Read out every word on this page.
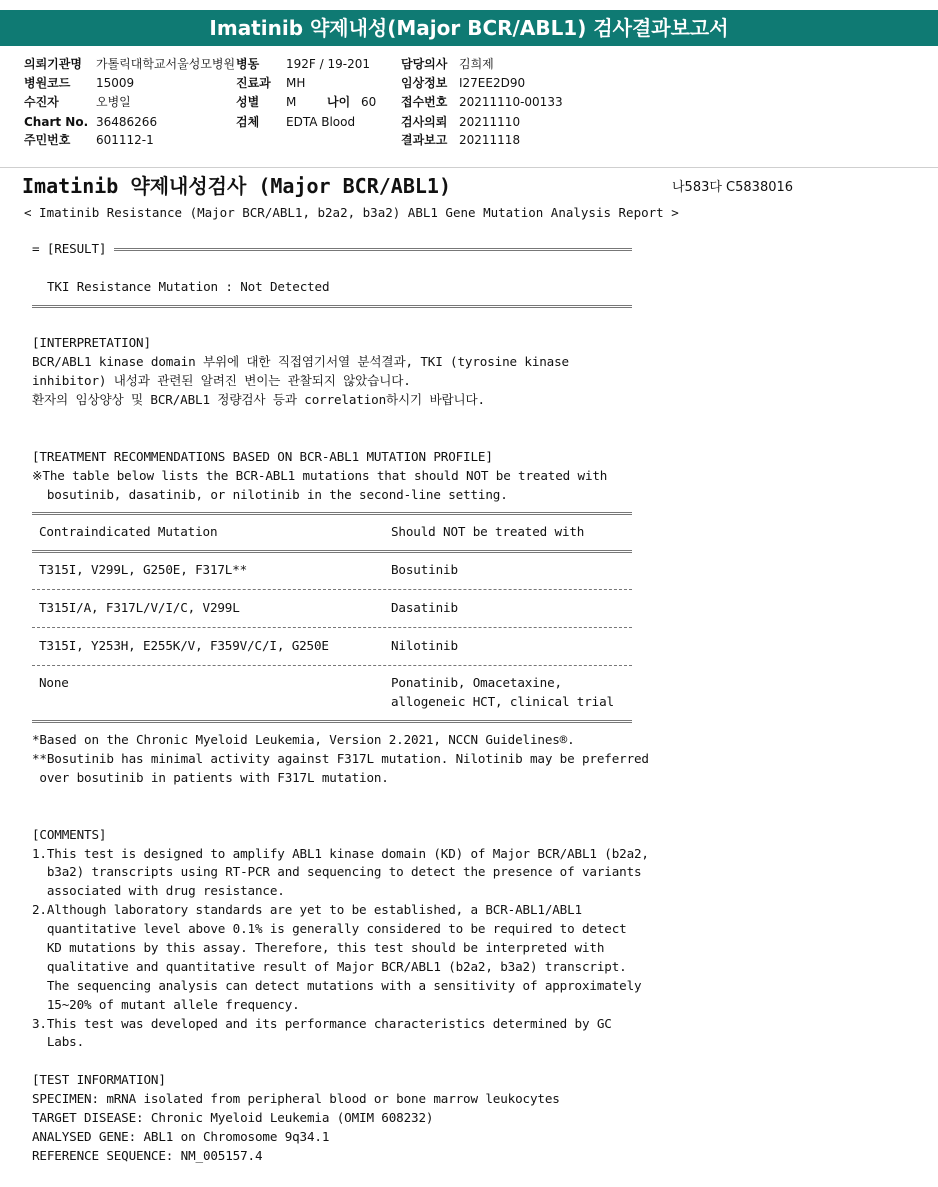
Imatinib 약제내성(Major BCR/ABL1) 검사결과보고서
의뢰기관명 가톨릭대학교서울성모병원 병동 192F / 19-201	담당의사 김희제
병원코드 15009	진료과 MH	임상정보 I27EE2D90
수진자	오병일	성별 M	나이 60 접수번호 20211110-00133
Chart No. 36486266	검체 EDTA Blood	검사의뢰 20211110
주민번호 601112-1	결과보고 20211118
Imatinib 약제내성검사 (Major BCR/ABL1)	나583다 C5838016
< Imatinib Resistance (Major BCR/ABL1, b2a2, b3a2) ABL1 Gene Mutation Analysis Report >
= [RESULT]
TKI Resistance Mutation : Not Detected
[INTERPRETATION]
BCR/ABL1 kinase domain 부위에 대한 직접염기서열 분석결과, TKI (tyrosine kinase
inhibitor) 내성과 관련된 알려진 변이는 관찰되지 않았습니다.
환자의 임상양상 및 BCR/ABL1 정량검사 등과 correlation하시기 바랍니다.
[TREATMENT RECOMMENDATIONS BASED ON BCR-ABL1 MUTATION PROFILE]
※The table below lists the BCR-ABL1 mutations that should NOT be treated with
bosutinib, dasatinib, or nilotinib in the second-line setting.
Contraindicated Mutation	Should NOT be treated with
T315I, V299L, G250E, F317L**	Bosutinib
T315I/A, F317L/V/I/C, V299L	Dasatinib
T315I, Y253H, E255K/V, F359V/C/I, G250E	Nilotinib
None	Ponatinib, Omacetaxine,
allogeneic HCT, clinical trial
*Based on the Chronic Myeloid Leukemia, Version 2.2021, NCCN Guidelines®.
**Bosutinib has minimal activity against F317L mutation. Nilotinib may be preferred
over bosutinib in patients with F317L mutation.
[COMMENTS]
1.This test is designed to amplify ABL1 kinase domain (KD) of Major BCR/ABL1 (b2a2,
b3a2) transcripts using RT-PCR and sequencing to detect the presence of variants
associated with drug resistance.
2.Although laboratory standards are yet to be established, a BCR-ABL1/ABL1
quantitative level above 0.1% is generally considered to be required to detect
KD mutations by this assay. Therefore, this test should be interpreted with
qualitative and quantitative result of Major BCR/ABL1 (b2a2, b3a2) transcript.
The sequencing analysis can detect mutations with a sensitivity of approximately
15~20% of mutant allele frequency.
3.This test was developed and its performance characteristics determined by GC
Labs.
[TEST INFORMATION]
SPECIMEN: mRNA isolated from peripheral blood or bone marrow leukocytes
TARGET DISEASE: Chronic Myeloid Leukemia (OMIM 608232)
ANALYSED GENE: ABL1 on Chromosome 9q34.1
REFERENCE SEQUENCE: NM_005157.4
